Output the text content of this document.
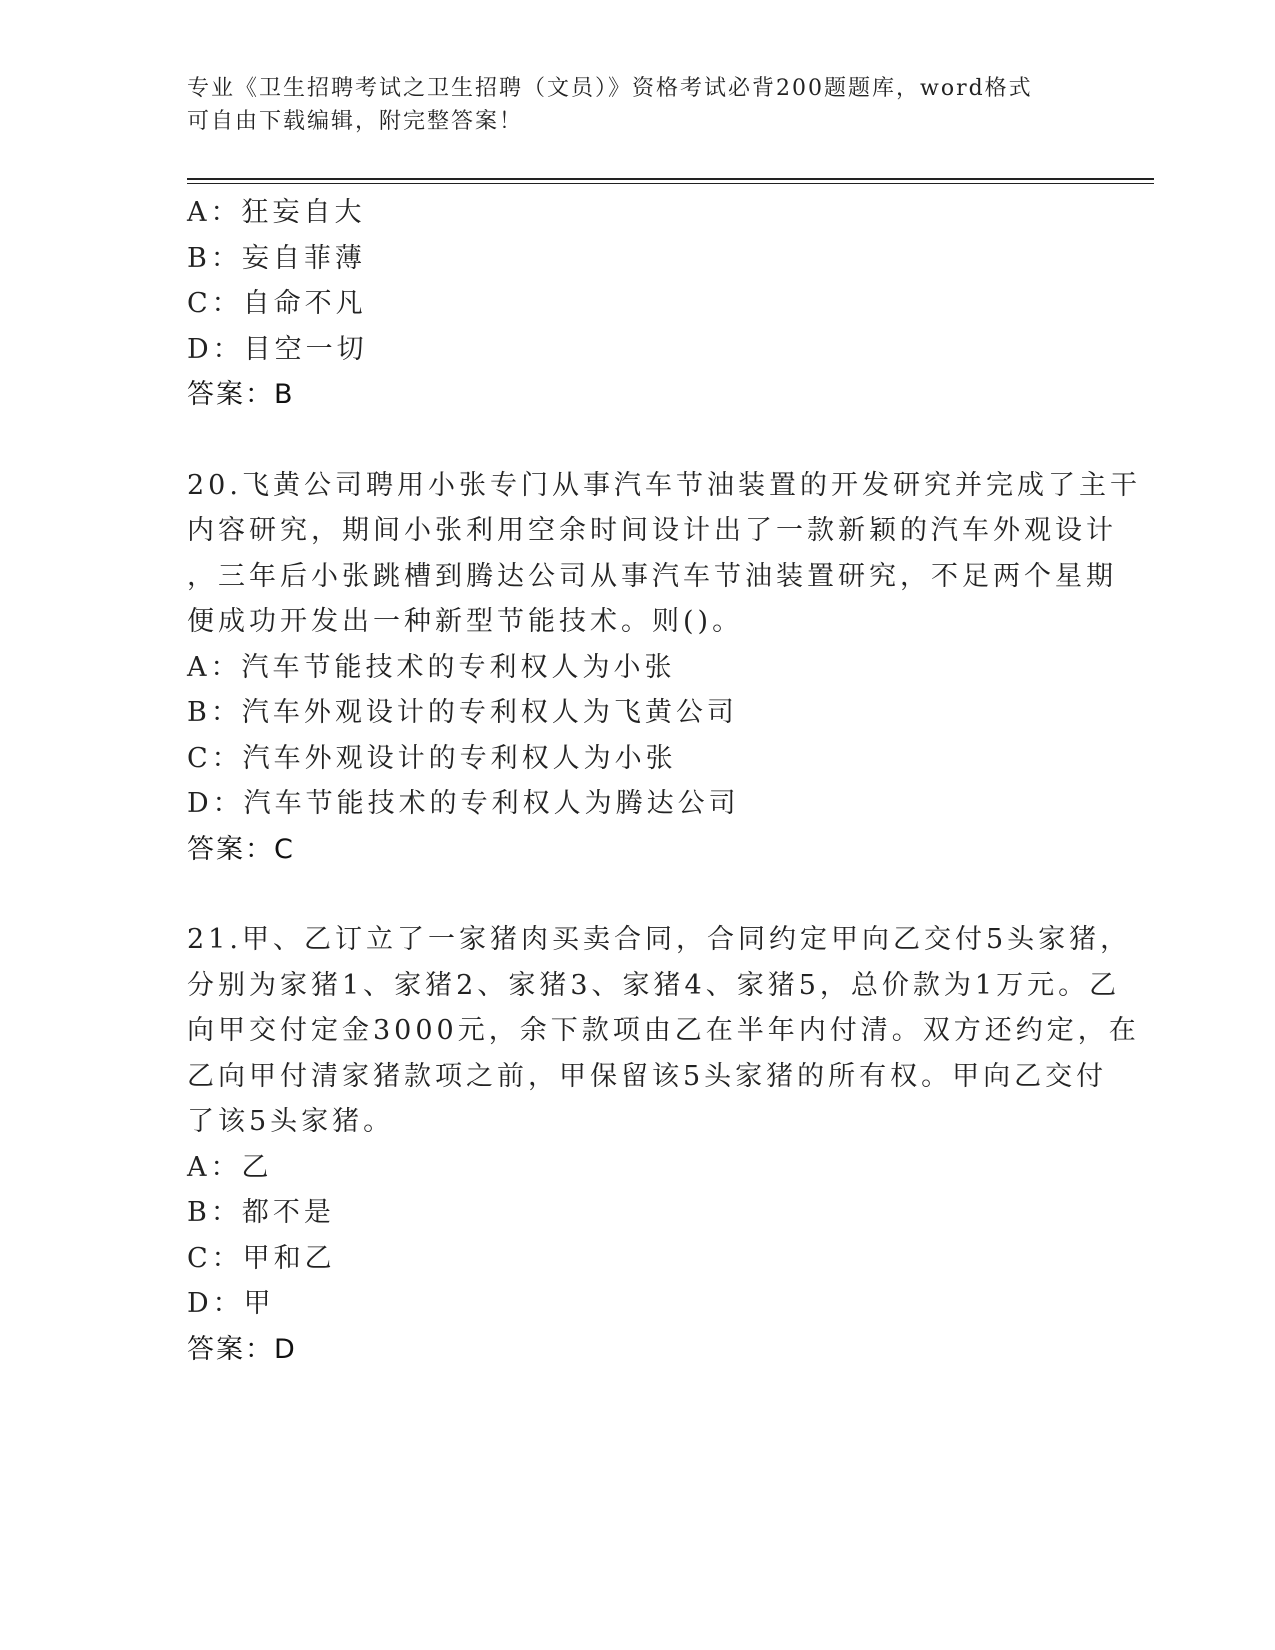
专业《卫生招聘考试之卫生招聘（文员）》资格考试必背200题题库，word格式
可自由下载编辑，附完整答案！
A：狂妄自大
B：妄自菲薄
C：自命不凡
D：目空一切
答案：B
20.飞黄公司聘用小张专门从事汽车节油装置的开发研究并完成了主干
内容研究，期间小张利用空余时间设计出了一款新颖的汽车外观设计
，三年后小张跳槽到腾达公司从事汽车节油装置研究，不足两个星期
便成功开发出一种新型节能技术。则()。
A：汽车节能技术的专利权人为小张
B：汽车外观设计的专利权人为飞黄公司
C：汽车外观设计的专利权人为小张
D：汽车节能技术的专利权人为腾达公司
答案：C
21.甲、乙订立了一家猪肉买卖合同，合同约定甲向乙交付5头家猪，
分别为家猪1、家猪2、家猪3、家猪4、家猪5，总价款为1万元。乙
向甲交付定金3000元，余下款项由乙在半年内付清。双方还约定，在
乙向甲付清家猪款项之前，甲保留该5头家猪的所有权。甲向乙交付
了该5头家猪。
A：乙
B：都不是
C：甲和乙
D：甲
答案：D
